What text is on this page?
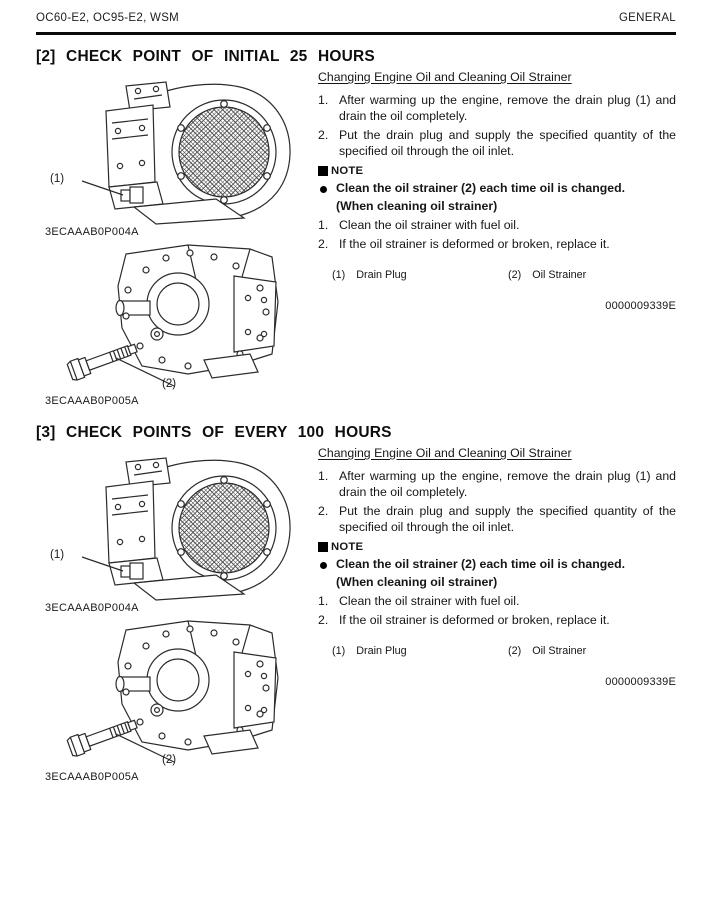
OC60-E2, OC95-E2, WSM	GENERAL
[2] CHECK POINT OF INITIAL 25 HOURS
(1)
3ECAAAB0P004A
(2)
3ECAAAB0P005A
Changing Engine Oil and Cleaning Oil Strainer
1. After warming up the engine, remove the drain plug (1) and drain the oil completely.
2. Put the drain plug and supply the specified quantity of the specified oil through the oil inlet.
NOTE
Clean the oil strainer (2) each time oil is changed.
(When cleaning oil strainer)
1. Clean the oil strainer with fuel oil.
2. If the oil strainer is deformed or broken, replace it.
(1) Drain Plug	(2) Oil Strainer
0000009339E
[3] CHECK POINTS OF EVERY 100 HOURS
(1)
3ECAAAB0P004A
(2)
3ECAAAB0P005A
Changing Engine Oil and Cleaning Oil Strainer
1. After warming up the engine, remove the drain plug (1) and drain the oil completely.
2. Put the drain plug and supply the specified quantity of the specified oil through the oil inlet.
NOTE
Clean the oil strainer (2) each time oil is changed.
(When cleaning oil strainer)
1. Clean the oil strainer with fuel oil.
2. If the oil strainer is deformed or broken, replace it.
(1) Drain Plug	(2) Oil Strainer
0000009339E
